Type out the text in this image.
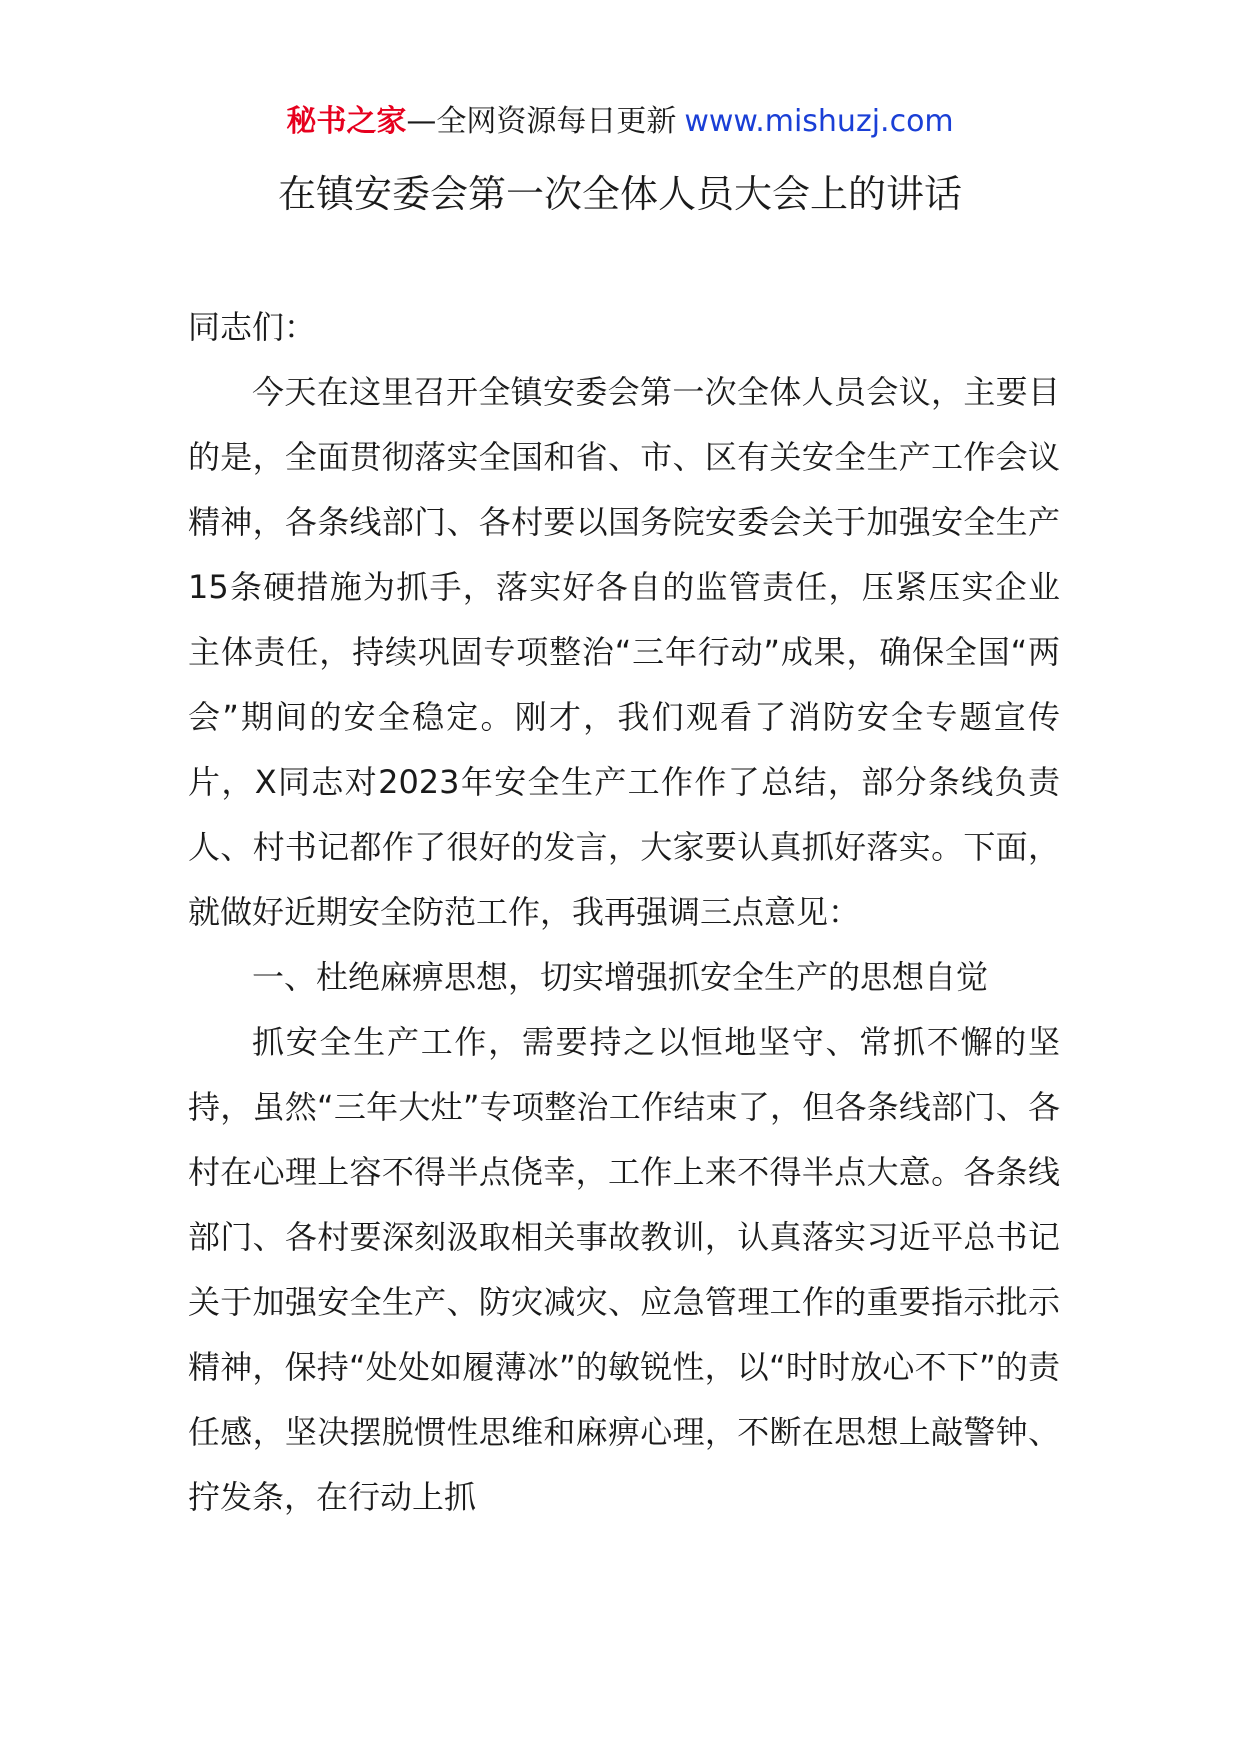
秘书之家—全网资源每日更新 www.mishuzj.com
在镇安委会第一次全体人员大会上的讲话

同志们：

今天在这里召开全镇安委会第一次全体人员会议，主要目的是，全面贯彻落实全国和省、市、区有关安全生产工作会议精神，各条线部门、各村要以国务院安委会关于加强安全生产15条硬措施为抓手，落实好各自的监管责任，压紧压实企业主体责任，持续巩固专项整治“三年行动”成果，确保全国“两会”期间的安全稳定。刚才，我们观看了消防安全专题宣传片，X同志对2023年安全生产工作作了总结，部分条线负责人、村书记都作了很好的发言，大家要认真抓好落实。下面，就做好近期安全防范工作，我再强调三点意见：

一、杜绝麻痹思想，切实增强抓安全生产的思想自觉

抓安全生产工作，需要持之以恒地坚守、常抓不懈的坚持，虽然“三年大灶”专项整治工作结束了，但各条线部门、各村在心理上容不得半点侥幸，工作上来不得半点大意。各条线部门、各村要深刻汲取相关事故教训，认真落实习近平总书记关于加强安全生产、防灾减灾、应急管理工作的重要指示批示精神，保持“处处如履薄冰”的敏锐性，以“时时放心不下”的责任感，坚决摆脱惯性思维和麻痹心理，不断在思想上敲警钟、拧发条，在行动上抓
